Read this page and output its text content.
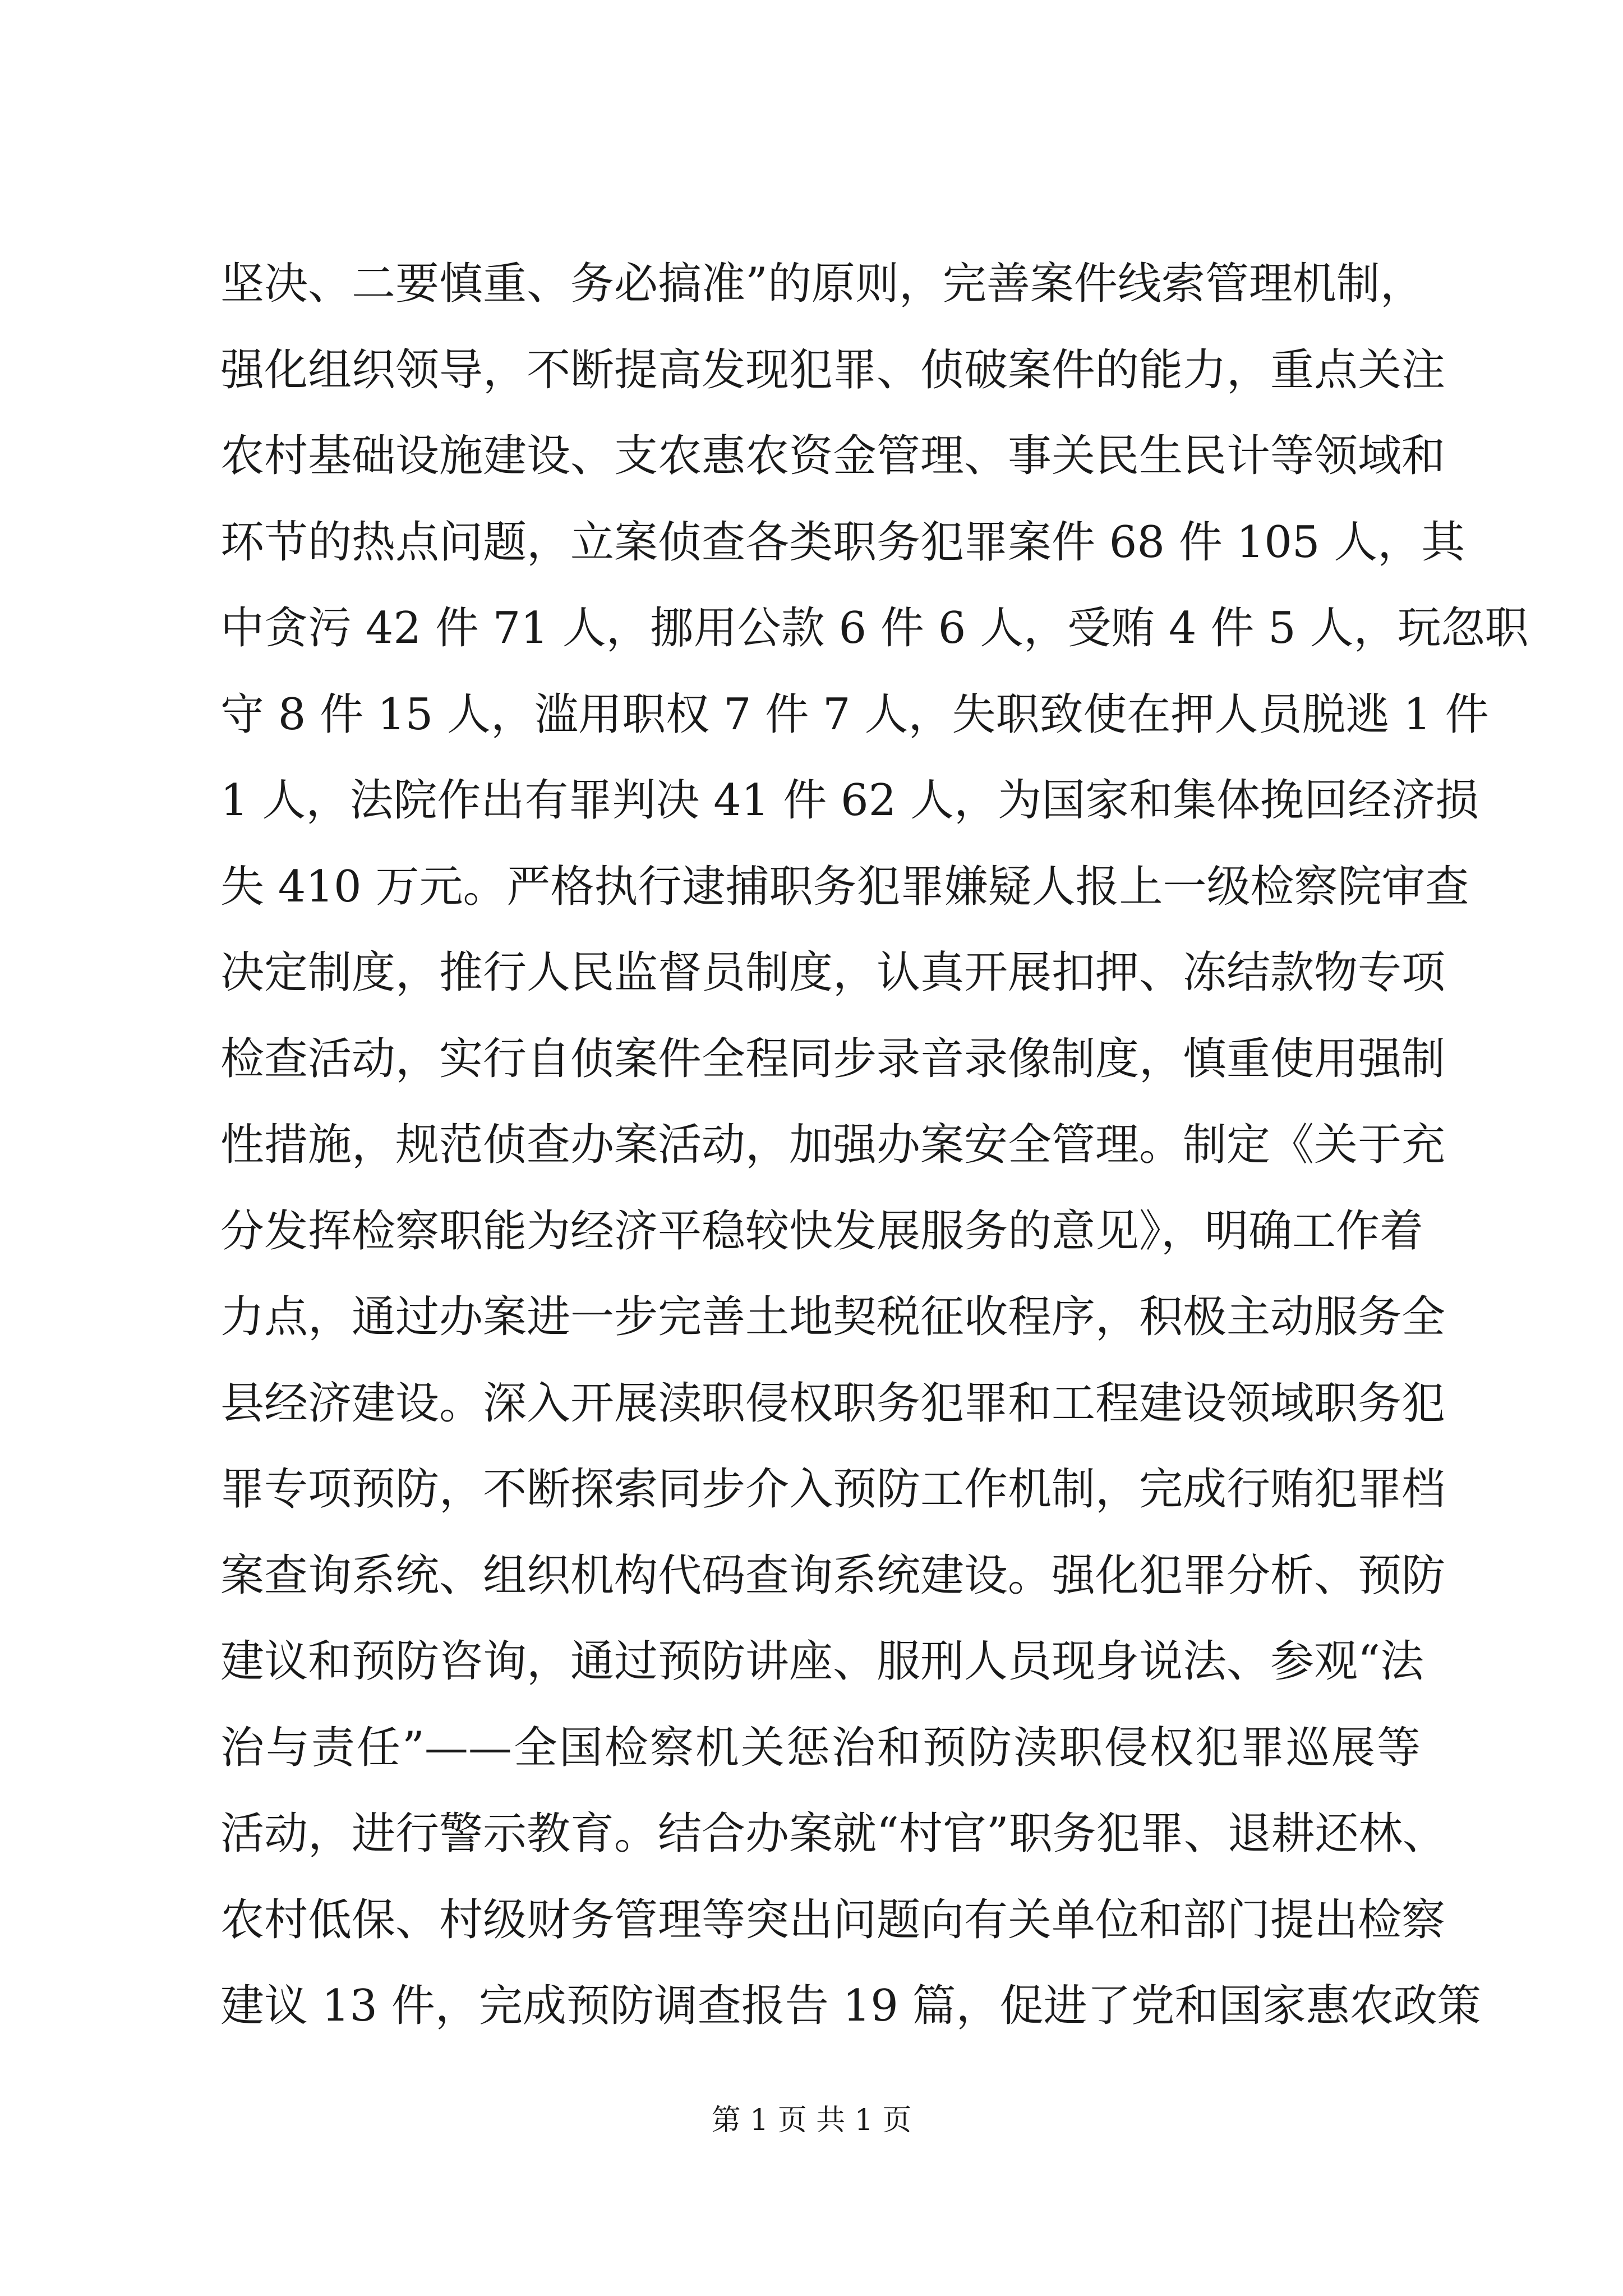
坚决、二要慎重、务必搞准”的原则，完善案件线索管理机制，
强化组织领导，不断提高发现犯罪、侦破案件的能力，重点关注
农村基础设施建设、支农惠农资金管理、事关民生民计等领域和
环节的热点问题，立案侦查各类职务犯罪案件 68 件 105 人，其
中贪污 42 件 71 人，挪用公款 6 件 6 人，受贿 4 件 5 人，玩忽职
守 8 件 15 人，滥用职权 7 件 7 人，失职致使在押人员脱逃 1 件
1 人，法院作出有罪判决 41 件 62 人，为国家和集体挽回经济损
失 410 万元。严格执行逮捕职务犯罪嫌疑人报上一级检察院审查
决定制度，推行人民监督员制度，认真开展扣押、冻结款物专项
检查活动，实行自侦案件全程同步录音录像制度，慎重使用强制
性措施，规范侦查办案活动，加强办案安全管理。制定《关于充
分发挥检察职能为经济平稳较快发展服务的意见》，明确工作着
力点，通过办案进一步完善土地契税征收程序，积极主动服务全
县经济建设。深入开展渎职侵权职务犯罪和工程建设领域职务犯
罪专项预防，不断探索同步介入预防工作机制，完成行贿犯罪档
案查询系统、组织机构代码查询系统建设。强化犯罪分析、预防
建议和预防咨询，通过预防讲座、服刑人员现身说法、参观“法
治与责任”——全国检察机关惩治和预防渎职侵权犯罪巡展等
活动，进行警示教育。结合办案就“村官”职务犯罪、退耕还林、
农村低保、村级财务管理等突出问题向有关单位和部门提出检察
建议 13 件，完成预防调查报告 19 篇，促进了党和国家惠农政策
第 1 页 共 1 页
